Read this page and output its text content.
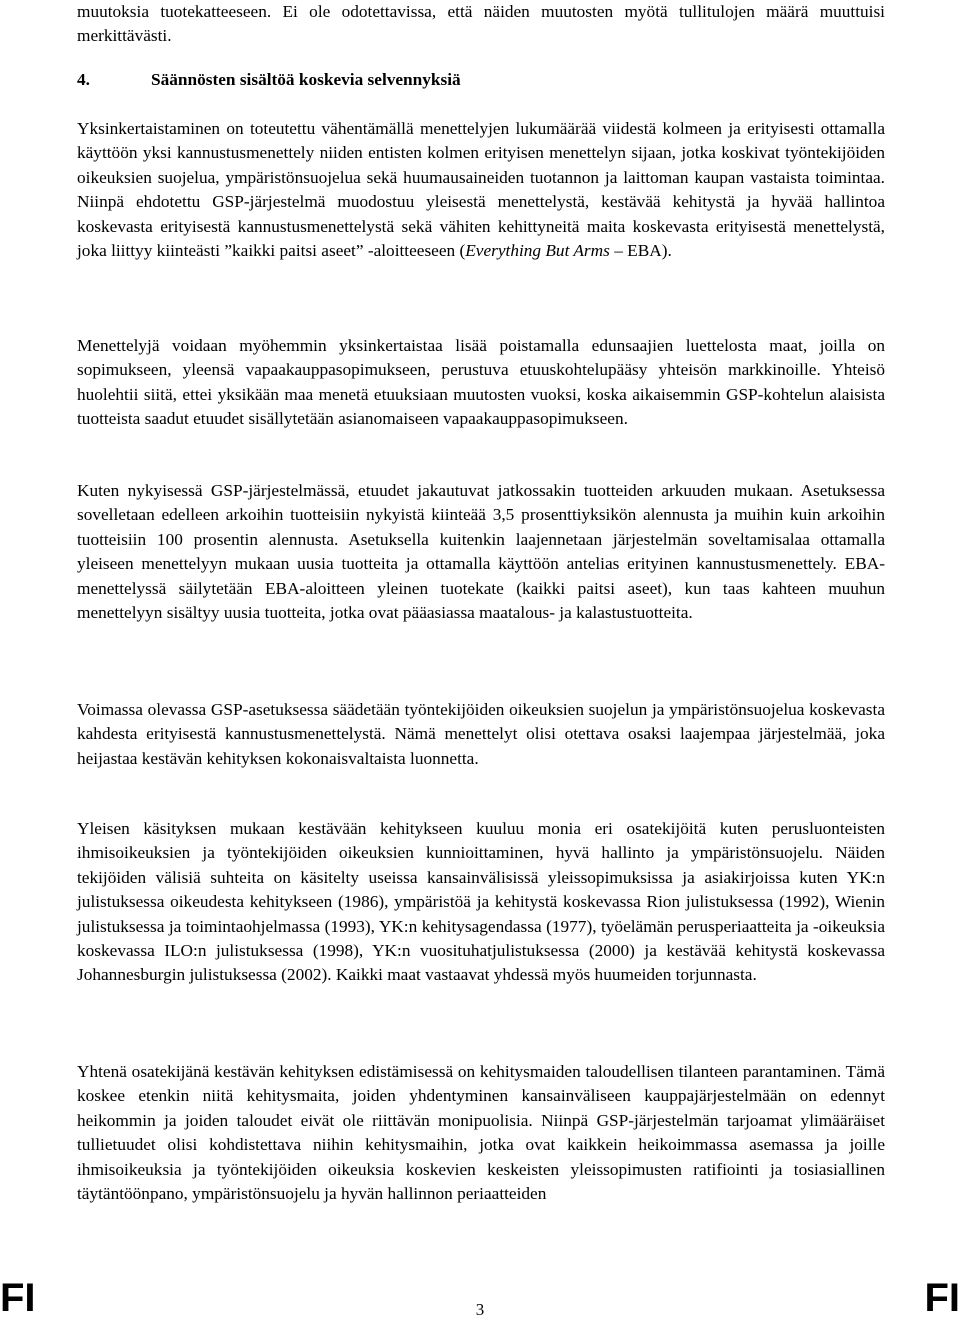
muutoksia tuotekatteeseen. Ei ole odotettavissa, että näiden muutosten myötä tullitulojen määrä muuttuisi merkittävästi.

4.	Säännösten sisältöä koskevia selvennyksiä

Yksinkertaistaminen on toteutettu vähentämällä menettelyjen lukumäärää viidestä kolmeen ja erityisesti ottamalla käyttöön yksi kannustusmenettely niiden entisten kolmen erityisen menettelyn sijaan, jotka koskivat työntekijöiden oikeuksien suojelua, ympäristönsuojelua sekä huumausaineiden tuotannon ja laittoman kaupan vastaista toimintaa. Niinpä ehdotettu GSP-järjestelmä muodostuu yleisestä menettelystä, kestävää kehitystä ja hyvää hallintoa koskevasta erityisestä kannustusmenettelystä sekä vähiten kehittyneitä maita koskevasta erityisestä menettelystä, joka liittyy kiinteästi ”kaikki paitsi aseet” -aloitteeseen (Everything But Arms – EBA).

Menettelyjä voidaan myöhemmin yksinkertaistaa lisää poistamalla edunsaajien luettelosta maat, joilla on sopimukseen, yleensä vapaakauppasopimukseen, perustuva etuuskohtelupääsy yhteisön markkinoille. Yhteisö huolehtii siitä, ettei yksikään maa menetä etuuksiaan muutosten vuoksi, koska aikaisemmin GSP-kohtelun alaisista tuotteista saadut etuudet sisällytetään asianomaiseen vapaakauppasopimukseen.

Kuten nykyisessä GSP-järjestelmässä, etuudet jakautuvat jatkossakin tuotteiden arkuuden mukaan. Asetuksessa sovelletaan edelleen arkoihin tuotteisiin nykyistä kiinteää 3,5 prosenttiyksikön alennusta ja muihin kuin arkoihin tuotteisiin 100 prosentin alennusta. Asetuksella kuitenkin laajennetaan järjestelmän soveltamisalaa ottamalla yleiseen menettelyyn mukaan uusia tuotteita ja ottamalla käyttöön antelias erityinen kannustusmenettely. EBA-menettelyssä säilytetään EBA-aloitteen yleinen tuotekate (kaikki paitsi aseet), kun taas kahteen muuhun menettelyyn sisältyy uusia tuotteita, jotka ovat pääasiassa maatalous- ja kalastustuotteita.

Voimassa olevassa GSP-asetuksessa säädetään työntekijöiden oikeuksien suojelun ja ympäristönsuojelua koskevasta kahdesta erityisestä kannustusmenettelystä. Nämä menettelyt olisi otettava osaksi laajempaa järjestelmää, joka heijastaa kestävän kehityksen kokonaisvaltaista luonnetta.

Yleisen käsityksen mukaan kestävään kehitykseen kuuluu monia eri osatekijöitä kuten perusluonteisten ihmisoikeuksien ja työntekijöiden oikeuksien kunnioittaminen, hyvä hallinto ja ympäristönsuojelu. Näiden tekijöiden välisiä suhteita on käsitelty useissa kansainvälisissä yleissopimuksissa ja asiakirjoissa kuten YK:n julistuksessa oikeudesta kehitykseen (1986), ympäristöä ja kehitystä koskevassa Rion julistuksessa (1992), Wienin julistuksessa ja toimintaohjelmassa (1993), YK:n kehitysagendassa (1977), työelämän perusperiaatteita ja -oikeuksia koskevassa ILO:n julistuksessa (1998), YK:n vuosituhatjulistuksessa (2000) ja kestävää kehitystä koskevassa Johannesburgin julistuksessa (2002). Kaikki maat vastaavat yhdessä myös huumeiden torjunnasta.

Yhtenä osatekijänä kestävän kehityksen edistämisessä on kehitysmaiden taloudellisen tilanteen parantaminen. Tämä koskee etenkin niitä kehitysmaita, joiden yhdentyminen kansainväliseen kauppajärjestelmään on edennyt heikommin ja joiden taloudet eivät ole riittävän monipuolisia. Niinpä GSP-järjestelmän tarjoamat ylimääräiset tullietuudet olisi kohdistettava niihin kehitysmaihin, jotka ovat kaikkein heikoimmassa asemassa ja joille ihmisoikeuksia ja työntekijöiden oikeuksia koskevien keskeisten yleissopimusten ratifiointi ja tosiasiallinen täytäntöönpano, ympäristönsuojelu ja hyvän hallinnon periaatteiden

FI	3	FI
